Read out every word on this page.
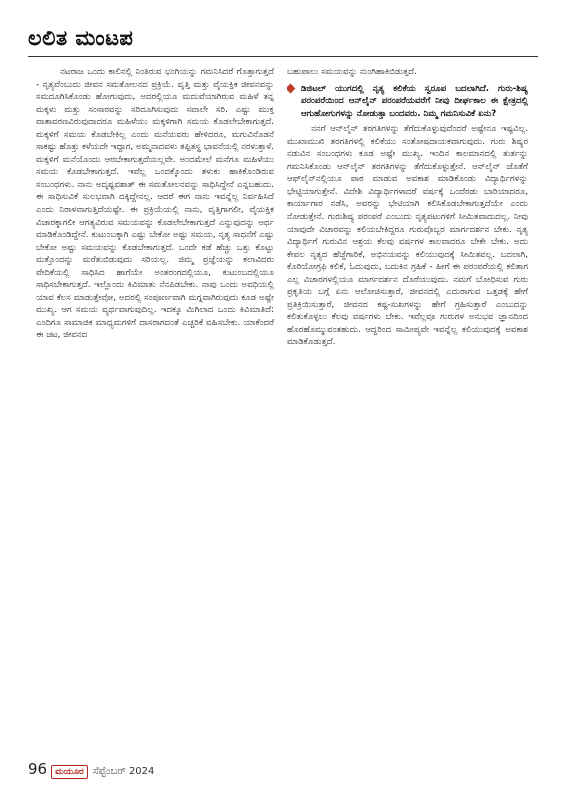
ಲಲಿತ ಮಂಟಪ

ನಟರಾಜ ಒಂದು ಕಾಲಿನಲ್ಲಿ ನಿಂತಿರುವ ಭಂಗಿಯನ್ನು ಗಮನಿಸಿದರೆ ಗೊತ್ತಾಗುತ್ತದೆ - ನೃತ್ಯವೆಂಬುದು ಜೀವನ ಸಮತೋಲನದ ಪ್ರಕ್ರಿಯೆ. ವೃತ್ತಿ ಮತ್ತು ವೈಯಕ್ತಿಕ ಜೀವನವನ್ನು ಸಮದೂಗಿಸಿಕೊಂಡು ಹೋಗುವುದು, ಅದರಲ್ಲಿಯೂ ಮದುವೆಯಾಗಿರುವ ಮಹಿಳೆ ತನ್ನ ಮಕ್ಕಳು ಮತ್ತು ಸಂಸಾರವನ್ನು ಸರಿದೂಗಿಸುವುದು ಸವಾಲೇ ಸರಿ. ಎಷ್ಟು ಮುಕ್ತ ವಾತಾವರಣವಿರುವುದಾದರೂ ಮಹಿಳೆಯು ಮಕ್ಕಳಿಗಾಗಿ ಸಮಯ ಕೊಡಲೇಬೇಕಾಗುತ್ತದೆ. ಮಕ್ಕಳಿಗೆ ಸಮಯ ಕೊಡಬೇಕಿಲ್ಲ ಎಂದು ಮನೆಯವರು ಹೇಳಿದರೂ, ಮಗುವಿನೊಡನೆ ಸಾಕಷ್ಟು ಹೊತ್ತು ಕಳೆಯದೇ ಇದ್ದಾಗ, ಅಮ್ಮನಾದವಳು ತಪ್ಪಿತಸ್ಥ ಭಾವನೆಯಲ್ಲಿ ನರಳುತ್ತಾಳೆ. ಮಕ್ಕಳಿಗೆ ಮನೆಯೊಂದು ಆರಬೇಕಾಗುತ್ತದೆಯಲ್ಲವೇ. ಅಂದಮೇಲೆ ಮನೆಗೂ ಮಹಿಳೆಯು ಸಮಯ ಕೊಡಬೇಕಾಗುತ್ತದೆ. ಇವೆಲ್ಲ ಒಂದಕ್ಕೊಂದು ತಳುಕು ಹಾಕಿಕೊಂಡಿರುವ ಸಂಬಂಧಗಳು. ನಾನು ಅದೃಷ್ಟವಶಾತ್ ಈ ಸಮತೋಲನವನ್ನು ಸಾಧಿಸಿದ್ದೇನೆ ಎನ್ನಬಹುದು. ಈ ಸಾಧಿಸುವಿಕೆ ಸುಲಭವಾಗಿ ದಕ್ಕಿದ್ದೇನಲ್ಲ. ಆದರೆ ಈಗ ನಾನು ಇವನ್ನೆಲ್ಲ ನಿರ್ವಹಿಸಿದೆ ಎಂದು ನಿರಾಳವಾಗುತ್ತಿದೆಯಷ್ಟೇ. ಈ ಪ್ರಕ್ರಿಯೆಯಲ್ಲಿ ನಾನು, ವೃತ್ತಿಗಾಗಲೀ, ವೈಯಕ್ತಿಕ ವಿಚಾರಕ್ಕಾಗಲೀ ಆಗತ್ಯವಿರುವ ಸಮಯವನ್ನು ಕೊಡಲೇಬೇಕಾಗುತ್ತದೆ ಎನ್ನುವುದನ್ನು ಅರ್ಥ ಮಾಡಿಕೊಂಡಿದ್ದೇನೆ. ಕುಟುಂಬಕ್ಕಾಗಿ ಎಷ್ಟು ಬೇಕೋ ಅಷ್ಟು ಸಮಯ, ನೃತ್ಯ ಸಾಧನೆಗೆ ಎಷ್ಟು ಬೇಕೋ ಅಷ್ಟು ಸಮಯವನ್ನು ಕೊಡಬೇಕಾಗುತ್ತದೆ. ಒಂದೇ ಕಡೆ ಹೆಚ್ಚು ಒತ್ತು ಕೊಟ್ಟು ಮತ್ತೊಂದನ್ನು ಮರೆತುಬಿಡುವುದು ಸರಿಯಲ್ಲ. ಜಿಮ್ಮ ಪ್ರಜ್ಞೆಯನ್ನು ಕಲಾವಿದರು ವೇದಿಕೆಯಲ್ಲಿ ಸಾಧಿಸಿದ ಹಾಗೆಯೇ ಅಂತರಂಗದಲ್ಲಿಯೂ, ಕುಟುಂಬದಲ್ಲಿಯೂ ಸಾಧಿಸಬೇಕಾಗುತ್ತದೆ. ಇಲ್ಲೊಂದು ಕಿವಿಮಾತು ನೆನಪಿಡಬೇಕು. ನಾವು ಒಂದು ಅವಧಿಯಲ್ಲಿ ಯಾವ ಕೆಲಸ ಮಾಡುತ್ತೇವೋ, ಅದರಲ್ಲಿ ಸಂಪೂರ್ಣವಾಗಿ ಮಗ್ನವಾಗಿರುವುದು ಕೂಡ ಅಷ್ಟೇ ಮುಖ್ಯ. ಆಗ ಸಮಯ ವ್ಯರ್ಥವಾಗುವುದಿಲ್ಲ. ಇದಕ್ಕೂ ಮಿಗಿಲಾದ ಒಂದು ಕಿವಿಮಾತಿದೆ: ಎಂದಿಗೂ ಸಾಮಾಜಿಕ ಮಾಧ್ಯಮಗಳಿಗೆ ದಾಸರಾಗದಂತೆ ಎಚ್ಚರಿಕೆ ವಹಿಸಬೇಕು. ಯಾಕೆಂದರೆ ಈ ಚಟ, ಜೀವನದ

ಬಹುಪಾಲು ಸಮಯವನ್ನು ನುಂಗಿಹಾಕಿಬಿಡುತ್ತದೆ.

ಡಿಜಿಟಲ್ ಯುಗದಲ್ಲಿ ನೃತ್ಯ ಕಲಿಕೆಯ ಸ್ವರೂಪ ಬದಲಾಗಿದೆ. ಗುರು-ಶಿಷ್ಯ ಪರಂಪರೆಯಿಂದ ಆನ್‌ಲೈನ್ ಪರಂಪರೆಯವರೆಗೆ ನೀವು ದೀರ್ಘಕಾಲ ಈ ಕ್ಷೇತ್ರದಲ್ಲಿ ಆಗುಹೋಗುಗಳನ್ನು ನೋಡುತ್ತಾ ಬಂದವರು. ನಿಮ್ಮ ಗಮನಿಸುವಿಕೆ ಏನು?

ನನಗೆ ಆನ್‌ಲೈನ್ ತರಗತಿಗಳನ್ನು ತೆಗೆದುಕೊಳ್ಳುವುದೆಂದರೆ ಅಷ್ಟೇನೂ ಇಷ್ಟವಿಲ್ಲ. ಮುಖಾಮುಖಿ ತರಗತಿಗಳಲ್ಲಿ ಕಲಿಕೆಯು ಸಂತೋಷದಾಯಕವಾಗುವುದು. ಗುರು ಶಿಷ್ಯರ ನಡುವಿನ ಸಂಬಂಧಗಳು ಕೂಡ ಅಷ್ಟೇ ಮುಖ್ಯ. ಇಂದಿನ ಕಾಲಮಾನದಲ್ಲಿ ತುರ್ತನ್ನು ಗಮನಿಸಿಕೊಂಡು ಆನ್‌ಲೈನ್ ತರಗತಿಗಳನ್ನು ತೆಗೆದುಕೊಳ್ಳುತ್ತೇನೆ. ಆನ್‌ಲೈನ್ ಜೊತೆಗೆ ಆಫ್‌ಲೈನ್‌ನಲ್ಲಿಯೂ ಪಾಠ ಮಾಡುವ ಅವಕಾಶ ಮಾಡಿಕೊಂಡು ವಿದ್ಯಾರ್ಥಿಗಳನ್ನು ಭೇಟ್ಟಿಯಾಗುತ್ತೇನೆ. ವಿದೇಶಿ ವಿದ್ಯಾರ್ಥಿಗಳಾದರೆ ವರ್ಷಕ್ಕೆ ಒಂದೆರಡು ಬಾರಿಯಾದರೂ, ಕಾರ್ಯಾಗಾರ ನಡೆಸಿ, ಅವರನ್ನು ಭೇಟಿಯಾಗಿ ಕಲಿಸಿಕೊಡಬೇಕಾಗುತ್ತದೆಯೇ ಎಂದು ನೋಡುತ್ತೇನೆ. ಗುರುಶಿಷ್ಯ ಪರಂಪರೆ ಎಂಬುದು ನೃತ್ಯಪಟುಗಳಿಗೆ ಸೀಮಿತವಾದುದಲ್ಲ. ನೀವು ಯಾವುದೇ ವಿಚಾರವನ್ನು ಕಲಿಯಬೇಕಿದ್ದರೂ ಗುರುವೊಬ್ಬರ ಮಾರ್ಗದರ್ಶನ ಬೇಕು. ನೃತ್ಯ ವಿದ್ಯಾರ್ಥಿಗೆ ಗುರುವಿನ ಆಶ್ರಯ ಕೆಲವು ವರ್ಷಗಳ ಕಾಲವಾದರೂ ಬೇಕೇ ಬೇಕು. ಅದು ಕೇವಲ ನೃತ್ಯದ ಹೆಜ್ಜೆಗಾರಿಕೆ, ಅಭಿನಯವನ್ನು ಕಲಿಯುವುದಕ್ಕೆ ಸೀಮಿತವಲ್ಲ. ಬದಲಾಗಿ, ಕೊರಿಯೋಗ್ರಫಿ ಕಲಿಕೆ, ಓದುವುದು, ಬದುಕಿನ ಗ್ರಹಿಕೆ - ಹೀಗೆ ಈ ಪರಂಪರೆಯಲ್ಲಿ ಕಲಿತಾಗ ಎಲ್ಲ ವಿಚಾರಗಳಲ್ಲಿಯೂ ಮಾರ್ಗದರ್ಶನ ದೊರೆಯುವುದು. ನಮಗೆ ಬೋಧಿಸುವ ಗುರು ಪ್ರಕೃತಿಯ ಬಗ್ಗೆ ಏನು ಆಲೋಚಿಸುತ್ತಾರೆ, ಜೀವನದಲ್ಲಿ ಎದುರಾಗುವ ಒತ್ತಡಕ್ಕೆ ಹೇಗೆ ಪ್ರತಿಕ್ರಿಯಿಸುತ್ತಾರೆ, ಜೀವನದ ಕಷ್ಟ-ಸುಖಗಳನ್ನು ಹೇಗೆ ಗ್ರಹಿಸುತ್ತಾರೆ ಎಂಬುದನ್ನು ಕಲಿತುಕೊಳ್ಳಲು ಕೆಲವು ವರ್ಷಗಳು ಬೇಕು. ಇವೆಲ್ಲವೂ ಗುರುಗಳ ಅನುಭವ ಜ್ಞಾನದಿಂದ ಹೊರಹೊಮ್ಮುವಂತಹುದು. ಆದ್ದರಿಂದ ಸಾಮೀಪ್ಯವೇ ಇವನ್ನೆಲ್ಲ ಕಲಿಯುವುದಕ್ಕೆ ಅವಕಾಶ ಮಾಡಿಕೊಡುತ್ತದೆ.

96 ಮಯೂರ ಸೆಪ್ಟೆಂಬರ್ 2024
